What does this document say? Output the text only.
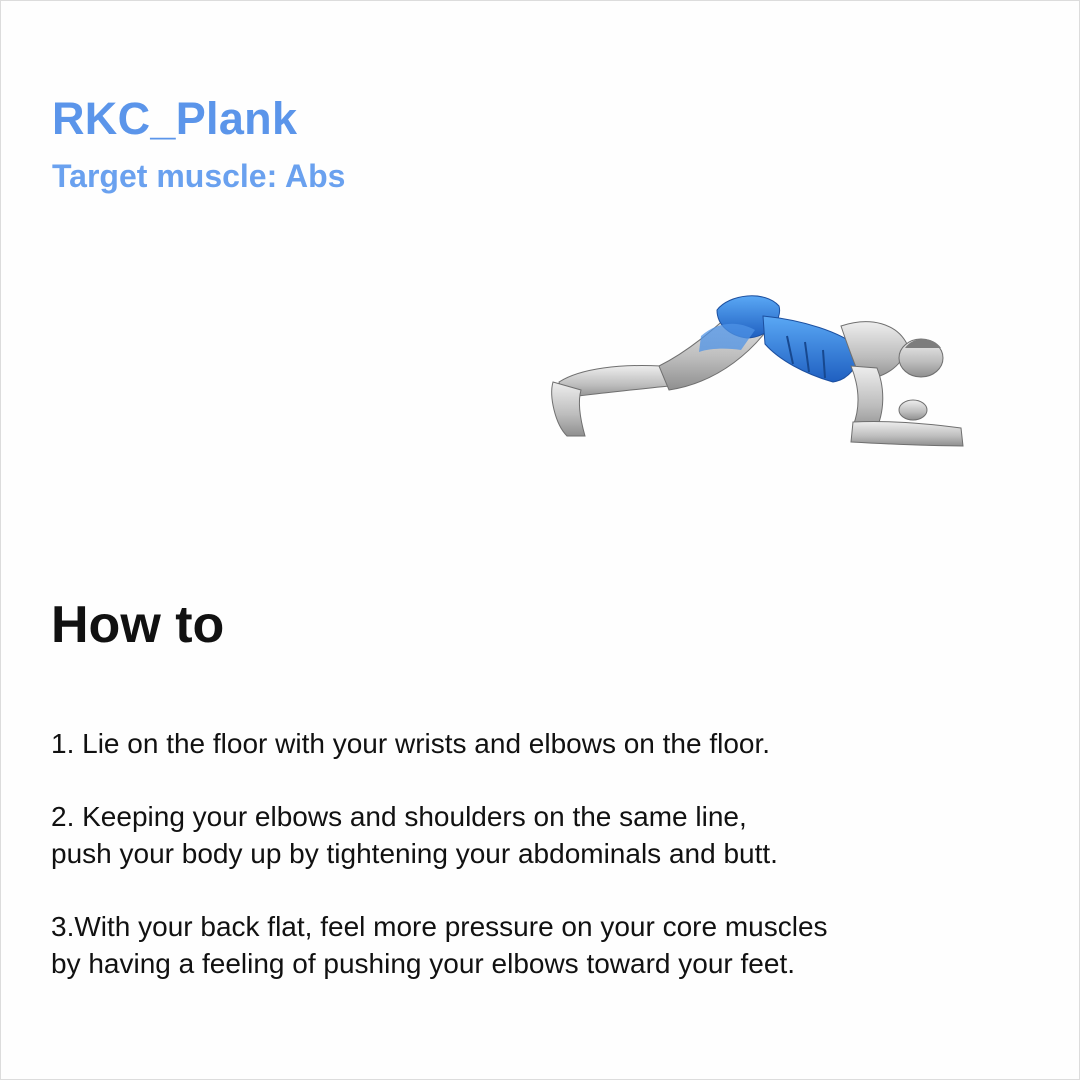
RKC_Plank
Target muscle: Abs
How to
1. Lie on the floor with your wrists and elbows on the floor.
2. Keeping your elbows and shoulders on the same line,
push your body up by tightening your abdominals and butt.
3.With your back flat, feel more pressure on your core muscles
by having a feeling of pushing your elbows toward your feet.
